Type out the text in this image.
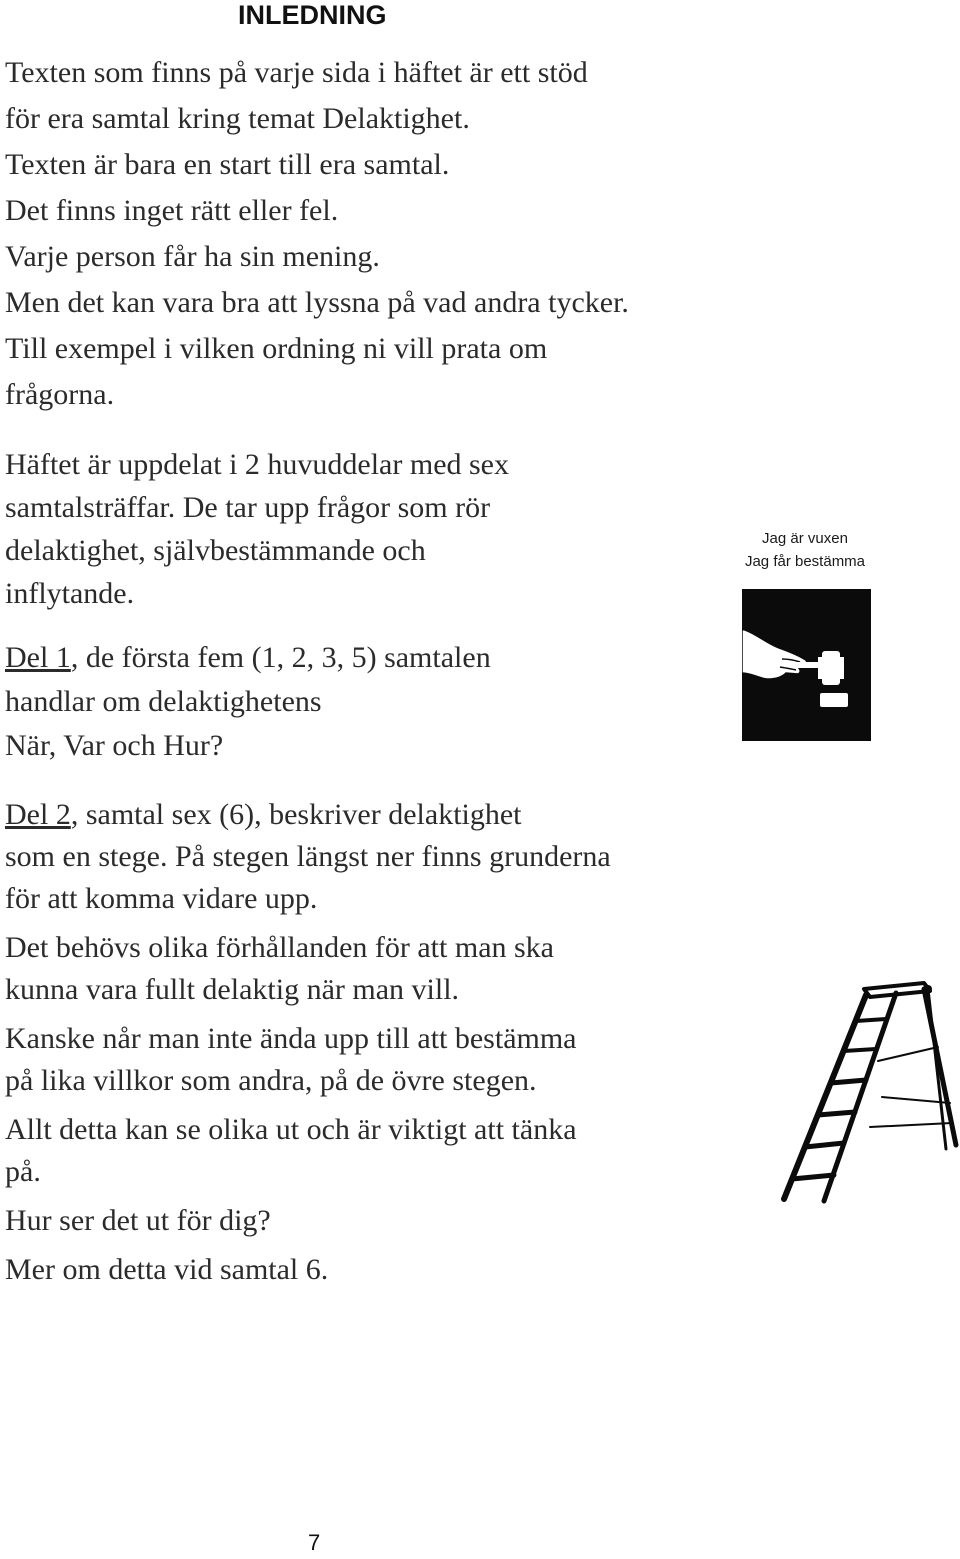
INLEDNING

Texten som finns på varje sida i häftet är ett stöd

för era samtal kring temat Delaktighet.

Texten är bara en start till era samtal.

Det finns inget rätt eller fel.

Varje person får ha sin mening.

Men det kan vara bra att lyssna på vad andra tycker.

Till exempel i vilken ordning ni vill prata om

frågorna.

Häftet är uppdelat i 2 huvuddelar med sex

samtalsträffar. De tar upp frågor som rör

delaktighet, självbestämmande och

inflytande.

Del 1, de första fem (1, 2, 3, 5) samtalen

handlar om delaktighetens

När, Var och Hur?

Del 2, samtal sex (6), beskriver delaktighet
som en stege. På stegen längst ner finns grunderna
för att komma vidare upp.

Det behövs olika förhållanden för att man ska
kunna vara fullt delaktig när man vill.

Kanske når man inte ända upp till att bestämma
på lika villkor som andra, på de övre stegen.

Allt detta kan se olika ut och är viktigt att tänka
på.

Hur ser det ut för dig?

Mer om detta vid samtal 6.

Jag är vuxen
Jag får bestämma
7
